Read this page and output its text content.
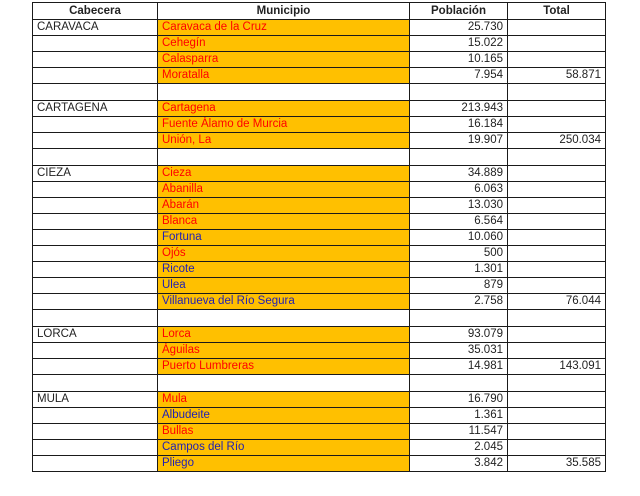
Cabecera	Municipio	Población	Total
CARAVACA	Caravaca de la Cruz	25.730	
	Cehegín	15.022	
	Calasparra	10.165	
	Moratalla	7.954	58.871

CARTAGENA	Cartagena	213.943	
	Fuente Álamo de Murcia	16.184	
	Unión, La	19.907	250.034

CIEZA	Cieza	34.889	
	Abanilla	6.063	
	Abarán	13.030	
	Blanca	6.564	
	Fortuna	10.060	
	Ojós	500	
	Ricote	1.301	
	Ulea	879	
	Villanueva del Río Segura	2.758	76.044

LORCA	Lorca	93.079	
	Águilas	35.031	
	Puerto Lumbreras	14.981	143.091

MULA	Mula	16.790	
	Albudeite	1.361	
	Bullas	11.547	
	Campos del Río	2.045	
	Pliego	3.842	35.585
